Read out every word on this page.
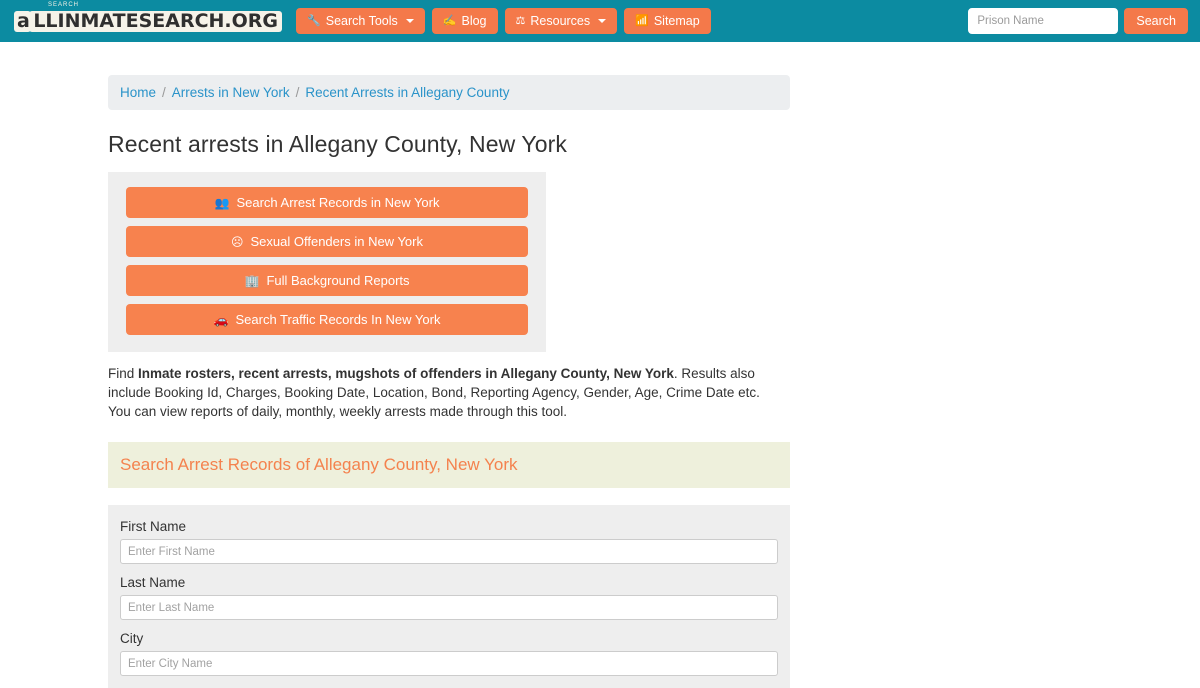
a LLINMATESEARCH.ORG
SEARCH
🔧 Search Tools	✍ Blog	⚖ Resources	📶 Sitemap
Prison Name	Search
Home / Arrests in New York / Recent Arrests in Allegany County
Recent arrests in Allegany County, New York
👥 Search Arrest Records in New York
☹ Sexual Offenders in New York
🏢 Full Background Reports
🚗 Search Traffic Records In New York

Find Inmate rosters, recent arrests, mugshots of offenders in Allegany County, New York. Results also include Booking Id, Charges, Booking Date, Location, Bond, Reporting Agency, Gender, Age, Crime Date etc. You can view reports of daily, monthly, weekly arrests made through this tool.

Search Arrest Records of Allegany County, New York
First Name
Enter First Name
Last Name
Enter Last Name
City
Enter City Name
